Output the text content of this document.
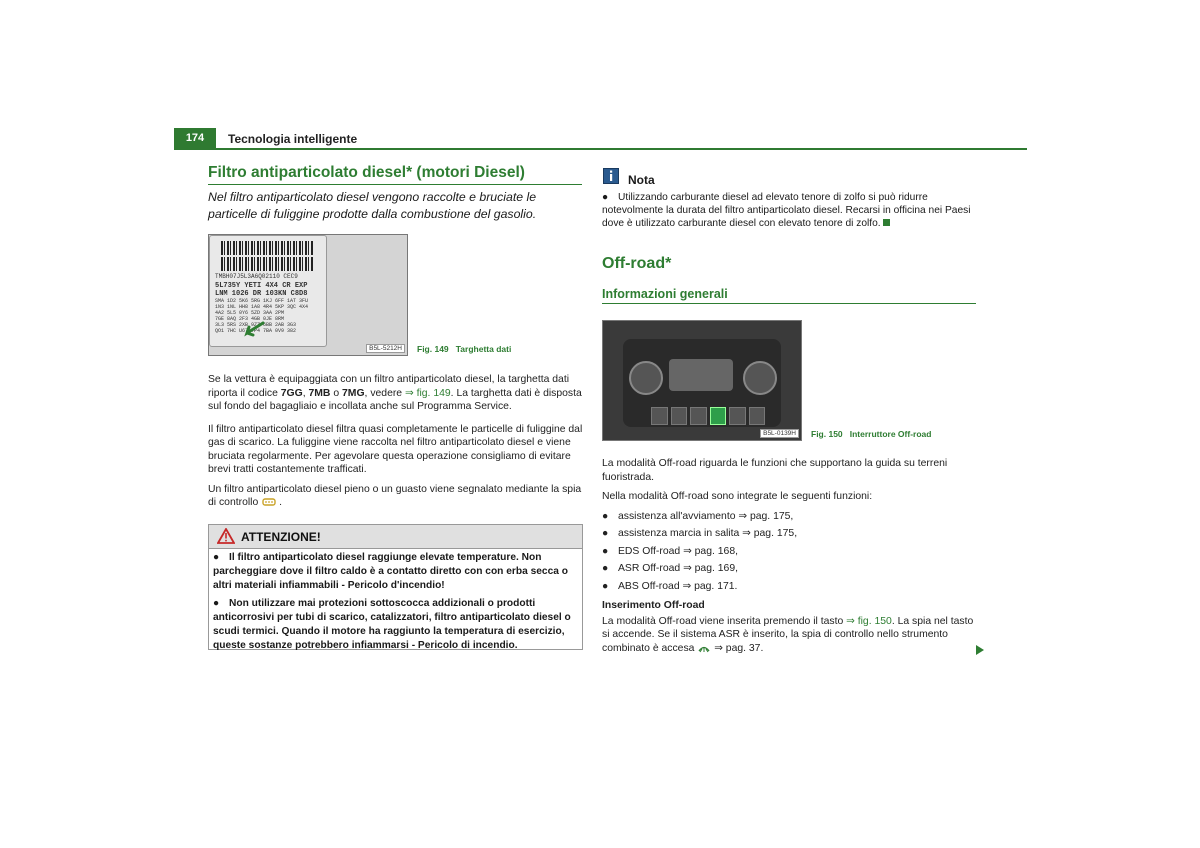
174	Tecnologia intelligente
Filtro antiparticolato diesel* (motori Diesel)
Nel filtro antiparticolato diesel vengono raccolte e bruciate le particelle di fuliggine prodotte dalla combustione del gasolio.
TMBH07J5L3A6Q02110 CEC9
5L735Y YETI 4X4 CR EXP
LNM 1026 DR 103KN C8D8
SMA 1D2 5K6 5RG 1KJ 6FF 1AT 3FU
1N3 1NL HH8 1A8 4R4 5KP 3QC 4X4
4A2 5L5 0Y6 5ZD 3AA 2PM
7GE 8AQ 2F3 4GB 0JE 8RM
3L3 5RS 2XB 9ZZ 6BB 2AB 3G3
QO1 7HC U67 7P4 7BA 0V9 382
B5L-5212H	Fig. 149 Targhetta dati

Se la vettura è equipaggiata con un filtro antiparticolato diesel, la targhetta dati riporta il codice 7GG, 7MB o 7MG, vedere ⇒ fig. 149. La targhetta dati è disposta sul fondo del bagagliaio e incollata anche sul Programma Service.

Il filtro antiparticolato diesel filtra quasi completamente le particelle di fuliggine dal gas di scarico. La fuliggine viene raccolta nel filtro antiparticolato diesel e viene bruciata regolarmente. Per agevolare questa operazione consigliamo di evitare brevi tratti costantemente trafficati.

Un filtro antiparticolato diesel pieno o un guasto viene segnalato mediante la spia di controllo .

ATTENZIONE!

● Il filtro antiparticolato diesel raggiunge elevate temperature. Non parcheggiare dove il filtro caldo è a contatto diretto con con erba secca o altri materiali infiammabili - Pericolo d'incendio!

● Non utilizzare mai protezioni sottoscocca addizionali o prodotti anticorrosivi per tubi di scarico, catalizzatori, filtro antiparticolato diesel o scudi termici. Quando il motore ha raggiunto la temperatura di esercizio, queste sostanze potrebbero infiammarsi - Pericolo di incendio.

Nota
● Utilizzando carburante diesel ad elevato tenore di zolfo si può ridurre notevolmente la durata del filtro antiparticolato diesel. Recarsi in officina nei Paesi dove è utilizzato carburante diesel con elevato tenore di zolfo.
Off-road*
Informazioni generali
B5L-0139H	Fig. 150 Interruttore Off-road

La modalità Off-road riguarda le funzioni che supportano la guida su terreni fuoristrada.

Nella modalità Off-road sono integrate le seguenti funzioni:

● assistenza all'avviamento ⇒ pag. 175,
● assistenza marcia in salita ⇒ pag. 175,
● EDS Off-road ⇒ pag. 168,
● ASR Off-road ⇒ pag. 169,
● ABS Off-road ⇒ pag. 171.

Inserimento Off-road

La modalità Off-road viene inserita premendo il tasto ⇒ fig. 150. La spia nel tasto si accende. Se il sistema ASR è inserito, la spia di controllo nello strumento combinato è accesa  ⇒ pag. 37.
